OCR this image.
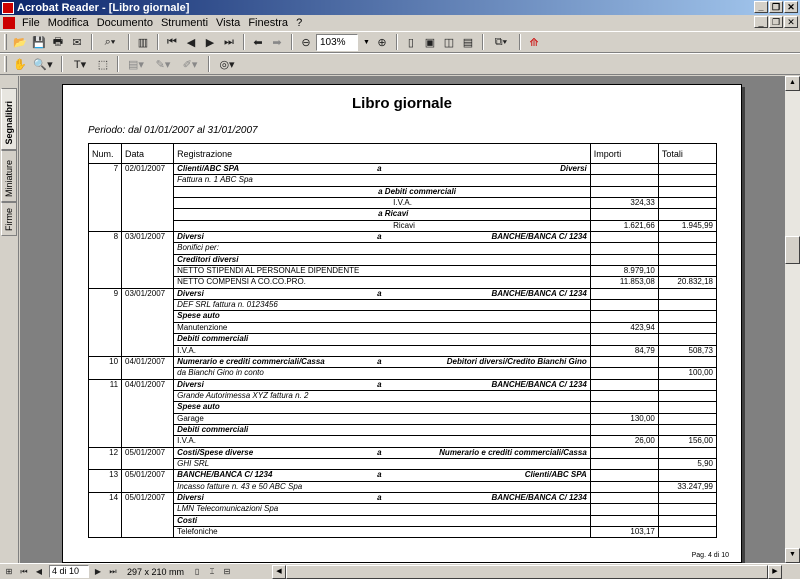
Acrobat Reader - [Libro giornale]	_ ❐ ✕
File Modifica Documento Strumenti Vista Finestra ?	_ ❐ ✕
📂 💾 🖶 ✉	⌕▾	▥	⏮ ◀ ▶ ⏭	⬅ ➡	⊖ 103%	▼ ⊕	▯ ▣ ◫ ▤	⧉▾	⟰
✋ 🔍▾	T▾	⬚	▤▾	✎▾	✐▾	◎▾
Segnalibri
Miniature
Firme
Libro giornale
Periodo: dal 01/01/2007 al 31/01/2007
Num.	Data	Registrazione	Importi	Totali
7	02/01/2007	Clienti/ABC SPA a Diversi		

		Fattura n. 1 ABC Spa		
		a Debiti commerciali		
		I.V.A.	324,33	
		a Ricavi		
		Ricavi	1.621,66	1.945,99
8	03/01/2007	Diversi a BANCHE/BANCA C/ 1234		

		Bonifici per:		
		Creditori diversi		
		NETTO STIPENDI AL PERSONALE DIPENDENTE	8.979,10	
		NETTO COMPENSI A CO.CO.PRO.	11.853,08	20.832,18
9	03/01/2007	Diversi a BANCHE/BANCA C/ 1234		

		DEF SRL fattura n. 0123456		
		Spese auto		
		Manutenzione	423,94	
		Debiti commerciali		
		I.V.A.	84,79	508,73
10	04/01/2007	Numerario e crediti commerciali/Cassa a Debitori diversi/Credito Bianchi Gino		

		da Bianchi Gino in conto		100,00
11	04/01/2007	Diversi a BANCHE/BANCA C/ 1234		

		Grande Autorimessa XYZ fattura n. 2		
		Spese auto		
		Garage	130,00	
		Debiti commerciali		
		I.V.A.	26,00	156,00
12	05/01/2007	Costi/Spese diverse a Numerario e crediti commerciali/Cassa		

		GHI SRL		5,90
13	05/01/2007	BANCHE/BANCA C/ 1234 a Clienti/ABC SPA		

		Incasso fatture n. 43 e 50 ABC Spa		33.247,99
14	05/01/2007	Diversi a BANCHE/BANCA C/ 1234		

		LMN Telecomunicazioni Spa		
		Costi		
		Telefoniche	103,17	
Pag. 4 di 10
▲
▼
⊞	⏮	◀	4 di 10	▶	⏭	297 x 210 mm	▯	⌶	⊟	◀	▶
